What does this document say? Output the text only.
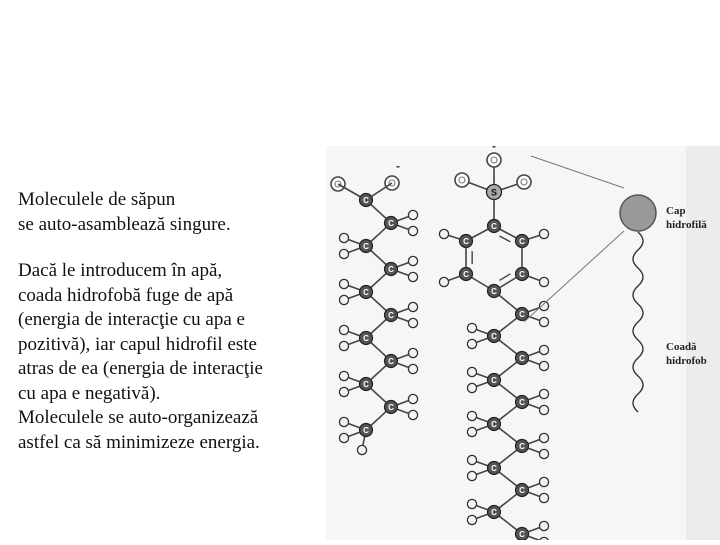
Moleculele de săpun
se auto-asamblează singure.
Dacă le introducem în apă,
coada hidrofobă fuge de apă
(energia de interacţie cu apa e
pozitivă), iar capul hidrofil este
atras de ea (energia de interacţie
cu apa e negativă).
Moleculele se auto-organizează
astfel ca să minimizeze energia.
-
C
C
C
C
C
C
C
C
C
C
C
-
C
C
C
C
C
C
C
C
C
C
C
C
C
C
C
C
C
S
Cap
hidrofilă
Coadă
hidrofob
